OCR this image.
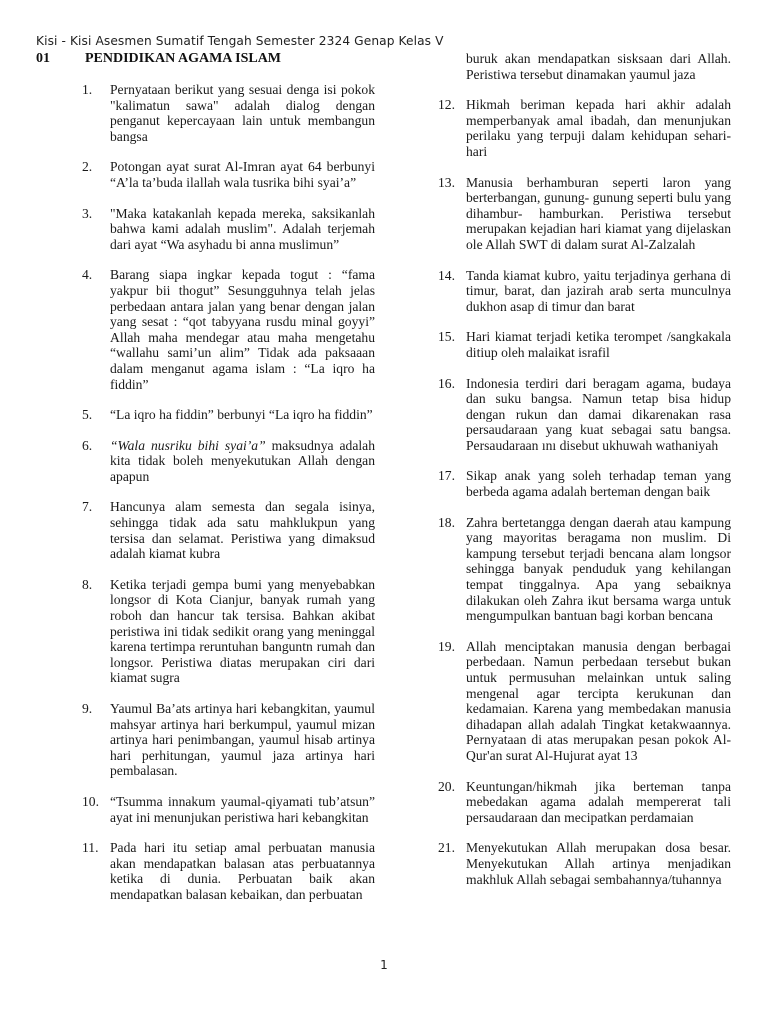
Kisi - Kisi Asesmen Sumatif Tengah Semester 2324 Genap Kelas V
01	PENDIDIKAN AGAMA ISLAM
1.	Pernyataan berikut yang sesuai denga isi pokok "kalimatun sawa" adalah dialog dengan penganut kepercayaan lain untuk membangun bangsa
2.	Potongan ayat surat Al-Imran ayat 64 berbunyi “A’la ta’buda ilallah wala tusrika bihi syai’a”
3.	"Maka katakanlah kepada mereka, saksikanlah bahwa kami adalah muslim". Adalah terjemah dari ayat “Wa asyhadu bi anna muslimun”
4.	Barang siapa ingkar kepada togut : “fama yakpur bii thogut” Sesungguhnya telah jelas perbedaan antara jalan yang benar dengan jalan yang sesat : “qot tabyyana rusdu minal goyyi” Allah maha mendegar atau maha mengetahu “wallahu sami’un alim” Tidak ada paksaaan dalam menganut agama islam : “La iqro ha fiddin”
5.	“La iqro ha fiddin” berbunyi “La iqro ha fiddin”
6.	“Wala nusriku bihi syai’a” maksudnya adalah kita tidak boleh menyekutukan Allah dengan apapun
7.	Hancunya alam semesta dan segala isinya, sehingga tidak ada satu mahklukpun yang tersisa dan selamat. Peristiwa yang dimaksud adalah kiamat kubra
8.	Ketika terjadi gempa bumi yang menyebabkan longsor di Kota Cianjur, banyak rumah yang roboh dan hancur tak tersisa. Bahkan akibat peristiwa ini tidak sedikit orang yang meninggal karena tertimpa reruntuhan banguntn rumah dan longsor. Peristiwa diatas merupakan ciri dari kiamat sugra
9.	Yaumul Ba’ats artinya hari kebangkitan, yaumul mahsyar artinya hari berkumpul, yaumul mizan artinya hari penimbangan, yaumul hisab artinya hari perhitungan, yaumul jaza artinya hari pembalasan.
10. “Tsumma innakum yaumal-qiyamati tub’atsun” ayat ini menunjukan peristiwa hari kebangkitan
11. Pada hari itu setiap amal perbuatan manusia akan mendapatkan balasan atas perbuatannya ketika di dunia. Perbuatan baik akan mendapatkan balasan kebaikan, dan perbuatan
buruk akan mendapatkan sisksaan dari Allah. Peristiwa tersebut dinamakan yaumul jaza
12. Hikmah beriman kepada hari akhir adalah memperbanyak amal ibadah, dan menunjukan perilaku yang terpuji dalam kehidupan sehari-hari
13. Manusia berhamburan seperti laron yang berterbangan, gunung- gunung seperti bulu yang dihambur- hamburkan. Peristiwa tersebut merupakan kejadian hari kiamat yang dijelaskan ole Allah SWT di dalam surat Al-Zalzalah
14. Tanda kiamat kubro, yaitu terjadinya gerhana di timur, barat, dan jazirah arab serta munculnya dukhon asap di timur dan barat
15. Hari kiamat terjadi ketika terompet /sangkakala ditiup oleh malaikat israfil
16. Indonesia terdiri dari beragam agama, budaya dan suku bangsa. Namun tetap bisa hidup dengan rukun dan damai dikarenakan rasa persaudaraan yang kuat sebagai satu bangsa. Persaudaraan ını disebut ukhuwah wathaniyah
17. Sikap anak yang soleh terhadap teman yang berbeda agama adalah berteman dengan baik
18. Zahra bertetangga dengan daerah atau kampung yang mayoritas beragama non muslim. Di kampung tersebut terjadi bencana alam longsor sehingga banyak penduduk yang kehilangan tempat tinggalnya. Apa yang sebaiknya dilakukan oleh Zahra ikut bersama warga untuk mengumpulkan bantuan bagi korban bencana
19. Allah menciptakan manusia dengan berbagai perbedaan. Namun perbedaan tersebut bukan untuk permusuhan melainkan untuk saling mengenal agar tercipta kerukunan dan kedamaian. Karena yang membedakan manusia dihadapan allah adalah Tingkat ketakwaannya. Pernyataan di atas merupakan pesan pokok Al- Qur'an surat Al-Hujurat ayat 13
20. Keuntungan/hikmah jika berteman tanpa mebedakan agama adalah mempererat tali persaudaraan dan mecipatkan perdamaian
21. Menyekutukan Allah merupakan dosa besar. Menyekutukan Allah artinya menjadikan makhluk Allah sebagai sembahannya/tuhannya
1
